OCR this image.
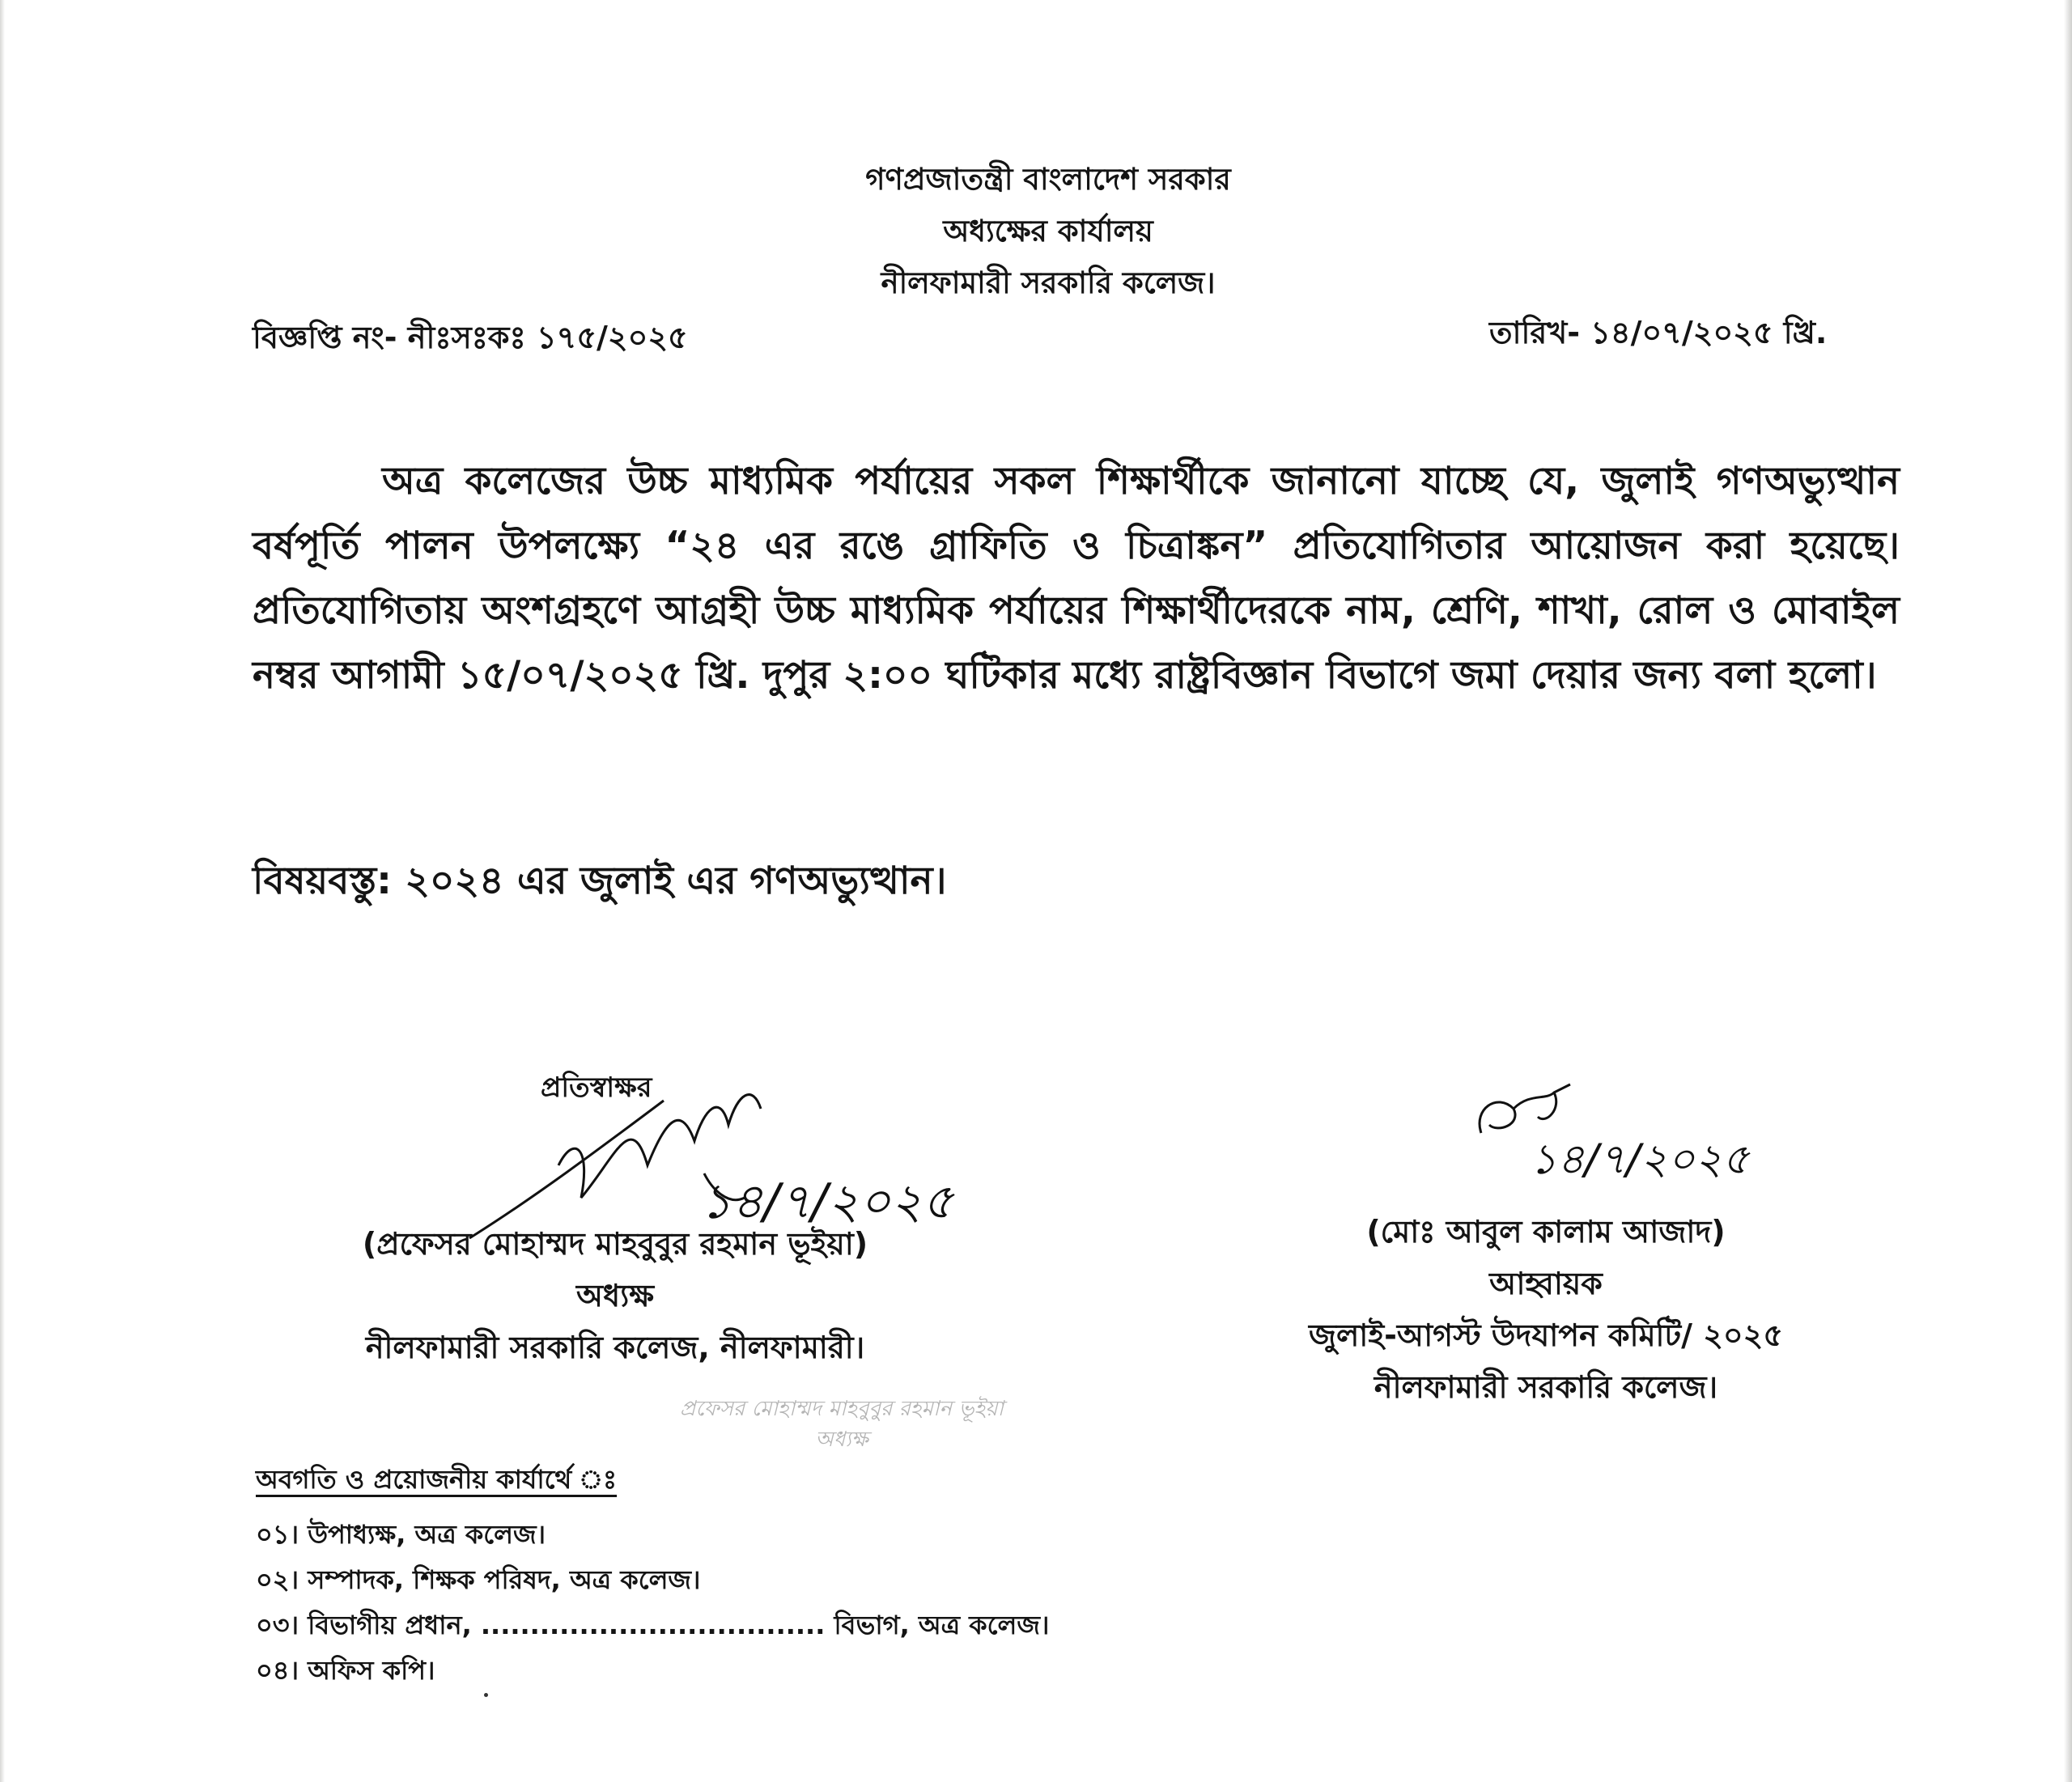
গণপ্রজাতন্ত্রী বাংলাদেশ সরকার
অধ্যক্ষের কার্যালয়
নীলফামারী সরকারি কলেজ।
বিজ্ঞপ্তি নং- নীঃসঃকঃ ১৭৫/২০২৫	তারিখ- ১৪/০৭/২০২৫ খ্রি.
অত্র কলেজের উচ্চ মাধ্যমিক পর্যায়ের সকল শিক্ষার্থীকে জানানো যাচ্ছে যে, জুলাই গণঅভ্যুত্থান বর্ষপূর্তি পালন উপলক্ষ্যে “২৪ এর রঙে গ্রাফিতি ও চিত্রাঙ্কন” প্রতিযোগিতার আয়োজন করা হয়েছে। প্রতিযোগিতায় অংশগ্রহণে আগ্রহী উচ্চ মাধ্যমিক পর্যায়ের শিক্ষার্থীদেরকে নাম, শ্রেণি, শাখা, রোল ও মোবাইল নম্বর আগামী ১৫/০৭/২০২৫ খ্রি. দুপুর ২:০০ ঘটিকার মধ্যে রাষ্ট্রবিজ্ঞান বিভাগে জমা দেয়ার জন্য বলা হলো।
বিষয়বস্তু: ২০২৪ এর জুলাই এর গণঅভ্যুত্থান।
প্রতিস্বাক্ষর
১৪/৭/২০২৫
১৪/৭/২০২৫
(প্রফেসর মোহাম্মদ মাহবুবুর রহমান ভূইয়া)
অধ্যক্ষ
নীলফামারী সরকারি কলেজ, নীলফামারী।
(মোঃ আবুল কালাম আজাদ)
আহ্বায়ক
জুলাই-আগস্ট উদযাপন কমিটি/ ২০২৫
নীলফামারী সরকারি কলেজ।
প্রফেসর মোহাম্মদ মাহবুবুর রহমান ভূইয়া
অধ্যক্ষ
অবগতি ও প্রয়োজনীয় কার্যার্থে ঃ
০১। উপাধ্যক্ষ, অত্র কলেজ।
০২। সম্পাদক, শিক্ষক পরিষদ, অত্র কলেজ।
০৩। বিভাগীয় প্রধান, ................................... বিভাগ, অত্র কলেজ।
০৪। অফিস কপি।
